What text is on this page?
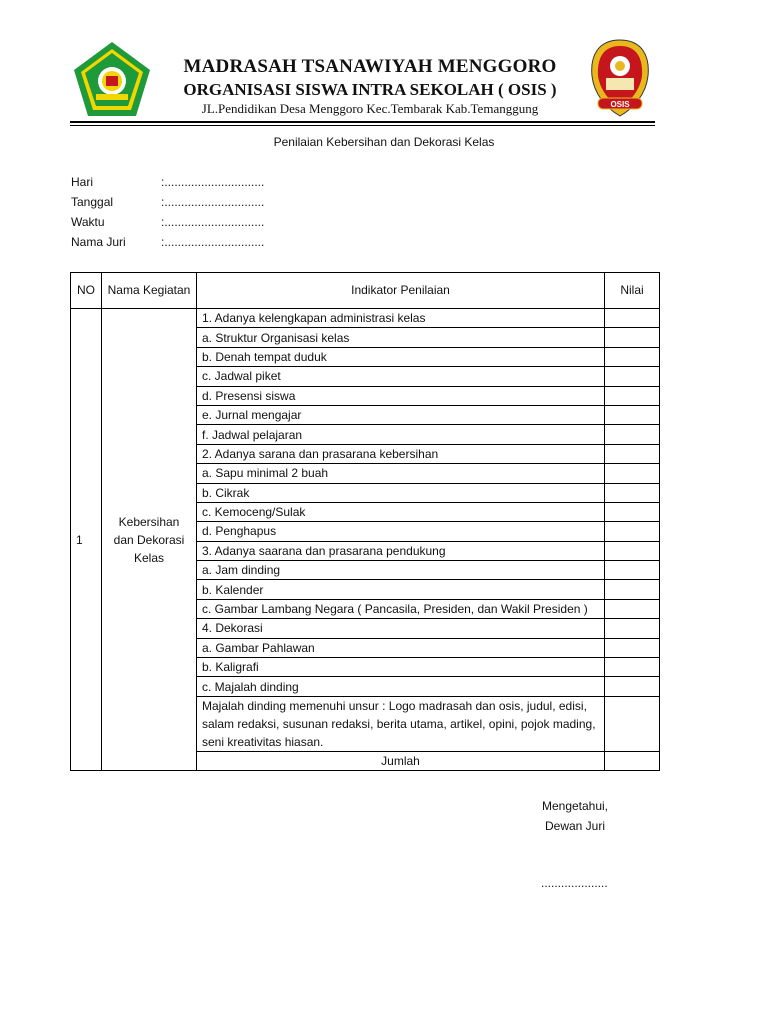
MADRASAH TSANAWIYAH MENGGORO
ORGANISASI SISWA INTRA SEKOLAH ( OSIS )
JL.Pendidikan Desa Menggoro Kec.Tembarak Kab.Temanggung	OSIS
Penilaian Kebersihan dan Dekorasi Kelas
Hari	:..............................
Tanggal	:..............................
Waktu	:..............................
Nama Juri	:..............................
NO	Nama Kegiatan	Indikator Penilaian	Nilai
1	Kebersihan dan Dekorasi Kelas	1. Adanya kelengkapan administrasi kelas	
		a. Struktur Organisasi kelas	
		b. Denah tempat duduk	
		c. Jadwal piket	
		d. Presensi siswa	
		e. Jurnal mengajar	
		f. Jadwal pelajaran	
		2. Adanya sarana dan prasarana kebersihan	
		a. Sapu minimal 2 buah	
		b. Cikrak	
		c. Kemoceng/Sulak	
		d. Penghapus	
		3. Adanya saarana dan prasarana pendukung	
		a. Jam dinding	
		b. Kalender	
		c. Gambar Lambang Negara ( Pancasila, Presiden, dan Wakil Presiden )	
		4. Dekorasi	
		a. Gambar Pahlawan	
		b. Kaligrafi	
		c. Majalah dinding	
		Majalah dinding memenuhi unsur : Logo madrasah dan osis, judul, edisi, salam redaksi, susunan redaksi, berita utama, artikel, opini, pojok mading, seni kreativitas hiasan.	
		Jumlah	
Mengetahui,
Dewan Juri
....................
